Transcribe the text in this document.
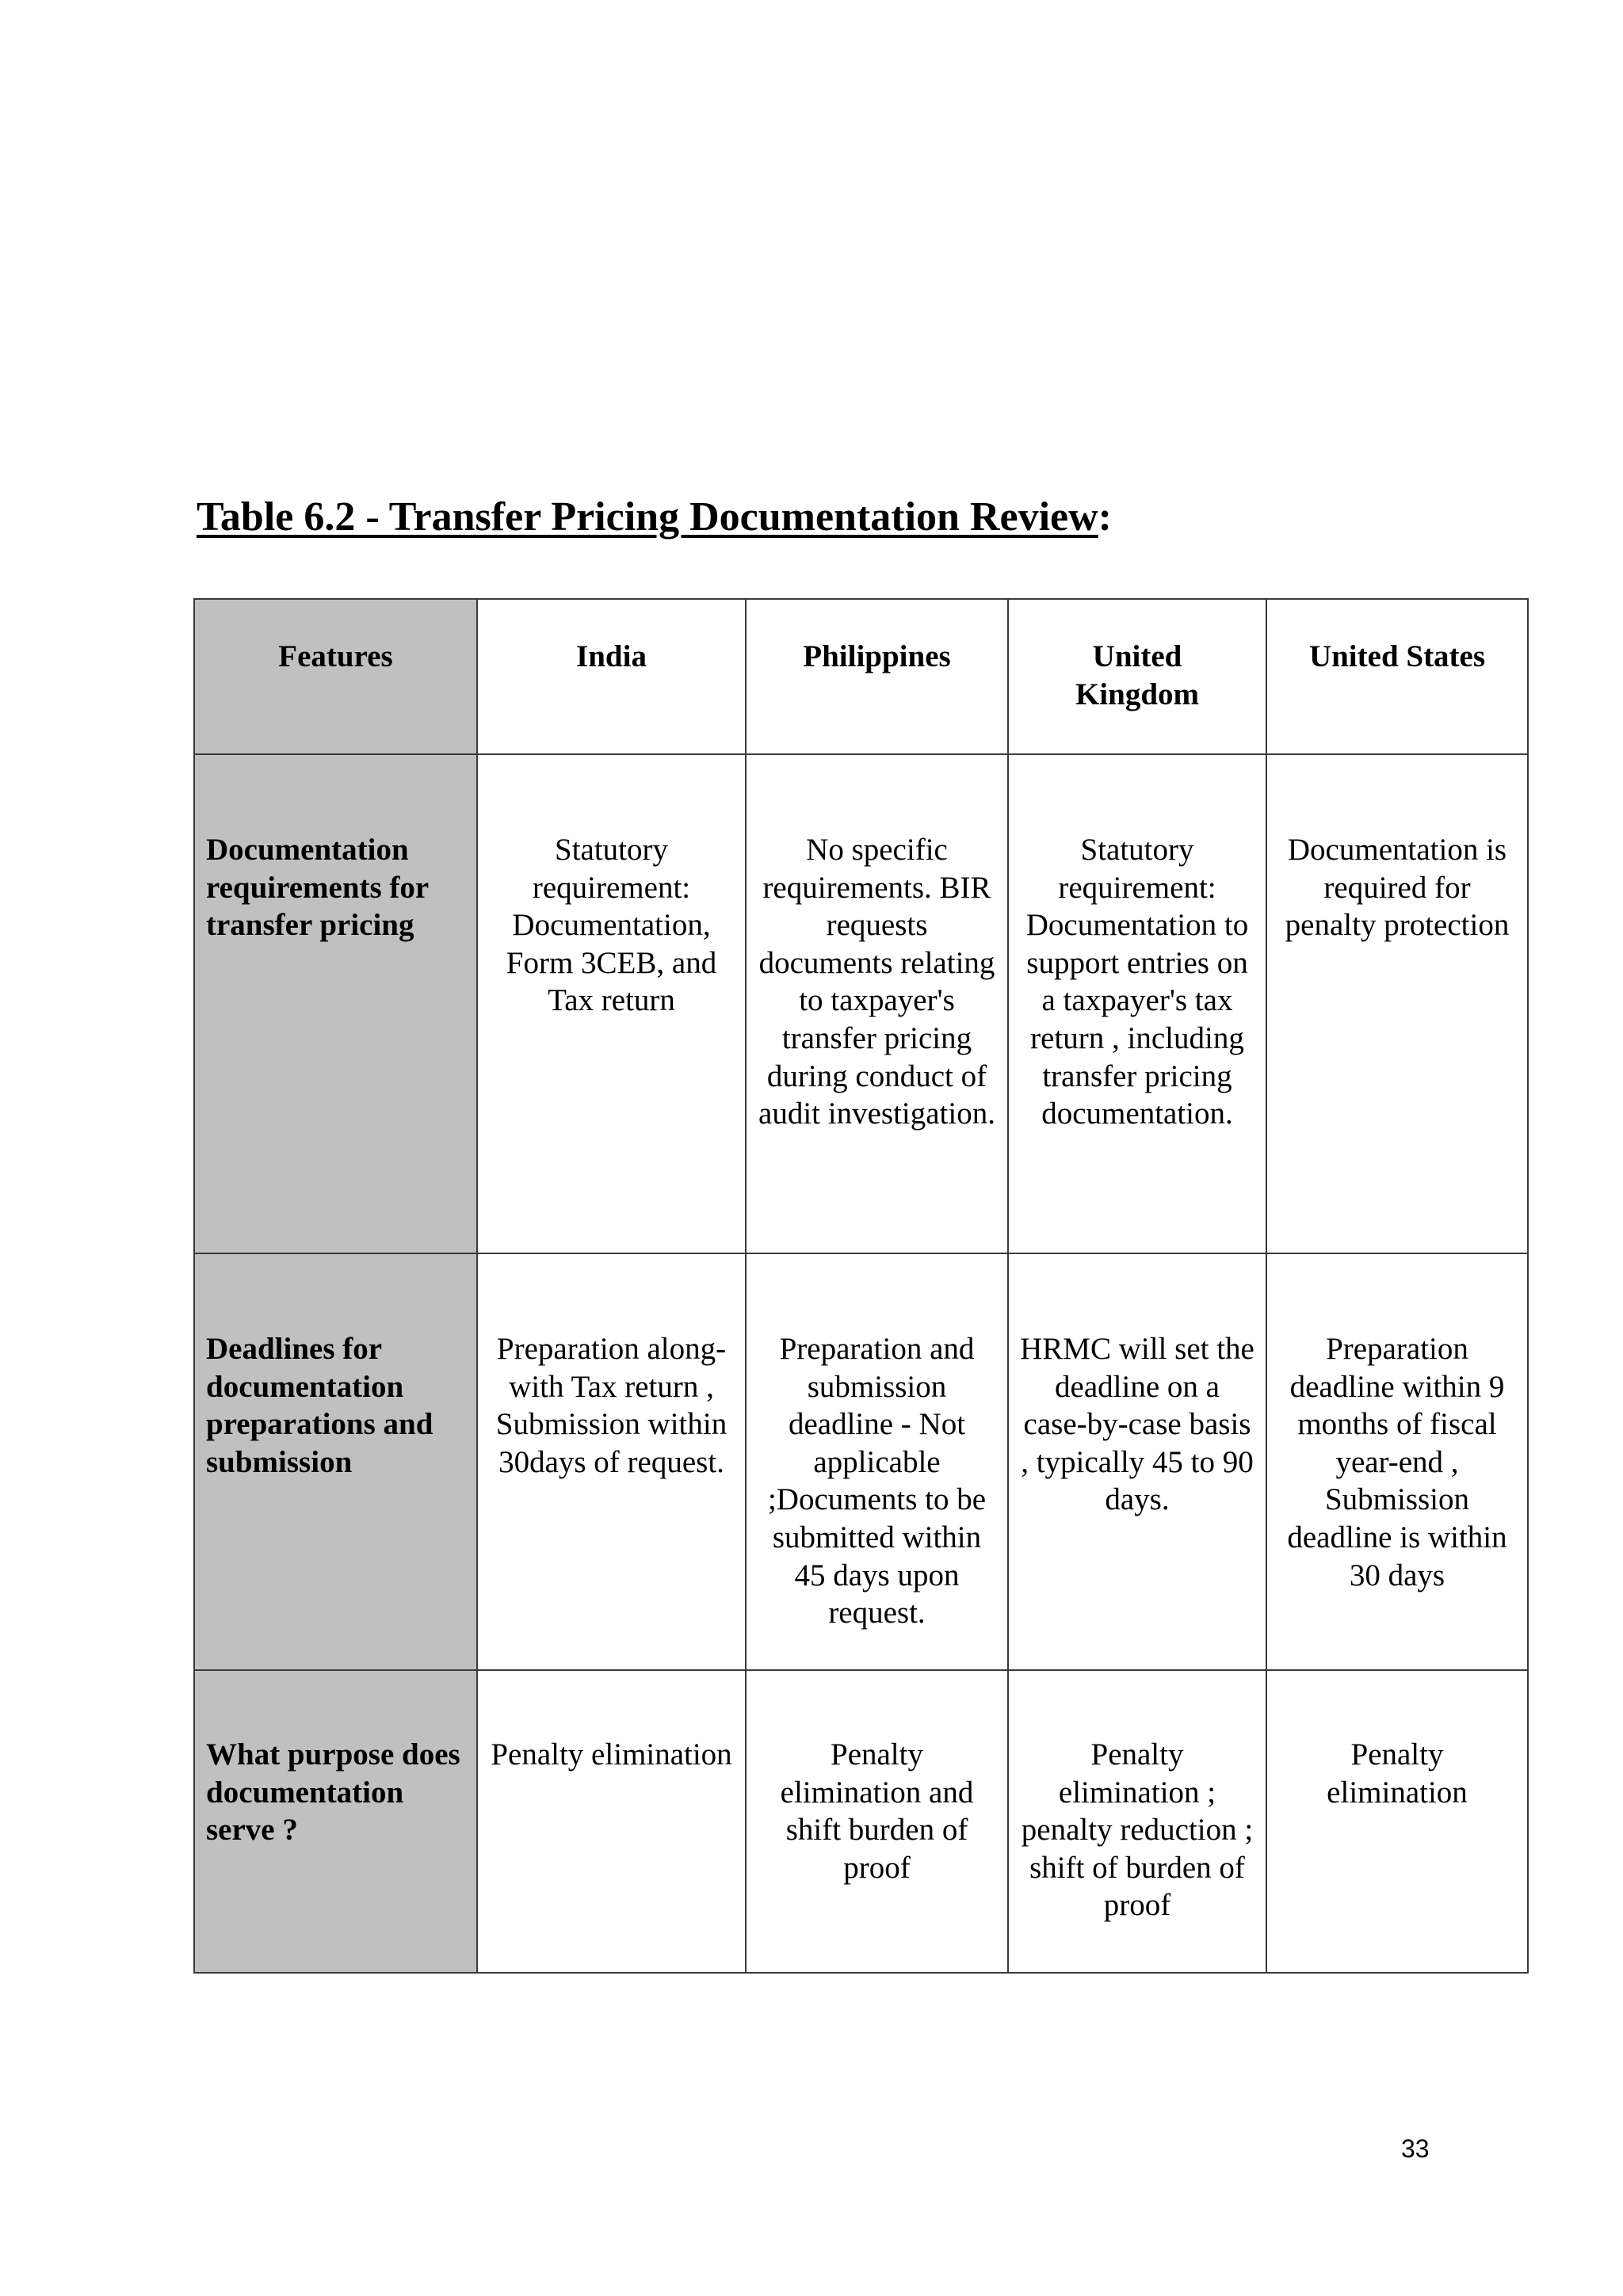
Table 6.2 - Transfer Pricing Documentation Review:
Features	India	Philippines	United Kingdom	United States
Documentation requirements for transfer pricing	Statutory requirement: Documentation, Form 3CEB, and Tax return	No specific requirements. BIR requests documents relating to taxpayer's transfer pricing during conduct of audit investigation.	Statutory requirement: Documentation to support entries on a taxpayer's tax return , including transfer pricing documentation.	Documentation is required for penalty protection
Deadlines for documentation preparations and submission	Preparation along-with Tax return , Submission within 30days of request.	Preparation and submission deadline - Not applicable ;Documents to be submitted within 45 days upon request.	HRMC will set the deadline on a case-by-case basis , typically 45 to 90 days.	Preparation deadline within 9 months of fiscal year-end , Submission deadline is within 30 days
What purpose does documentation serve ?	Penalty elimination	Penalty elimination and shift burden of proof	Penalty elimination ; penalty reduction ; shift of burden of proof	Penalty elimination
33
